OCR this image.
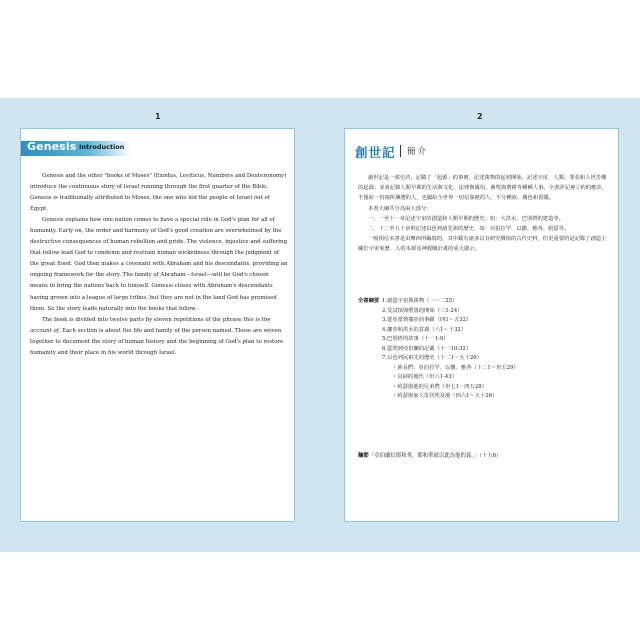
1	2
Genesis Introduction

Genesis and the other "books of Moses" (Exodus, Leviticus, Numbers and Deuteronomy) introduce the continuous story of Israel running through the first quarter of the Bible. Genesis is traditionally attributed to Moses, the one who led the people of Israel out of Egypt.

Genesis explains how one nation comes to have a special role in God's plan for all of humanity. Early on, the order and harmony of God's good creation are overwhelmed by the destructive consequences of human rebellion and pride. The violence, injustice and suffering that follow lead God to condemn and restrain human wickedness through the judgment of the great flood. God then makes a covenant with Abraham and his descendants, providing an ongoing framework for the story. The family of Abraham—Israel—will be God's chosen means to bring the nations back to himself. Genesis closes with Abraham's descendants having grown into a league of large tribes, but they are not in the land God has promised them. So the story leads naturally into the books that follow.

The book is divided into twelve parts by eleven repetitions of the phrase this is the account of. Each section is about the life and family of the person named. These are woven together to document the story of human history and the beginning of God's plan to restore humanity and their place in his world through Israel.

創世記 簡介

創世記是一部史詩，記載了「起源」的事實，記述萬物的起初開始，記述宇宙、人類、罪惡和人世苦難的起源；並會記錄人類早期的生活與文化、法律與風俗，畜牧與農耕等種種人事。全書詳記神立約的應許，不僅給一切兩所揀選的人，也顯給全世界一切信靠祂的人，不分種族、膚色和貴賤。

本書大綱共分為兩大部分：

一、一至十一章記述宇宙的創造和人類早期的歷史，如：大洪水、巴別塔的建造等。

二、十二至五十章則記述以色列諸先祖的歷史，如：亞伯拉罕、以撒、雅各、約瑟等。

一般相信本書是由摩西所編寫的，其中載有諸多具有研究價值的古代史料，但更重要的是記錄了創造主關於宇宙來歷、人的本源及神救贖計畫的重大啟示。

全書綱要 1.創造宇宙與萬物（一～二25）
2.受試探與墮落的開始（三1-24）
3.從亞當到挪亞的事蹟（四1～五32）
4.挪亞和洪水的意義（六1～十32）
5.巴別塔的故事（十一1-9）
6.從閃到亞伯蘭的記載（十一10-32）
7.以色列民祖先的歷史（十二1～五十26）
・族長們：亞伯拉罕、以撒、雅各（十二1～卅五29）
・以掃的後代（卅六1-43）
・約瑟與他的兄弟們（卅七1～四五28）
・約瑟與家人寄居埃及地（四六1～五十26）
鑰節「亞伯蘭信耶和華，耶和華就以此為他的義。」（十五6）
